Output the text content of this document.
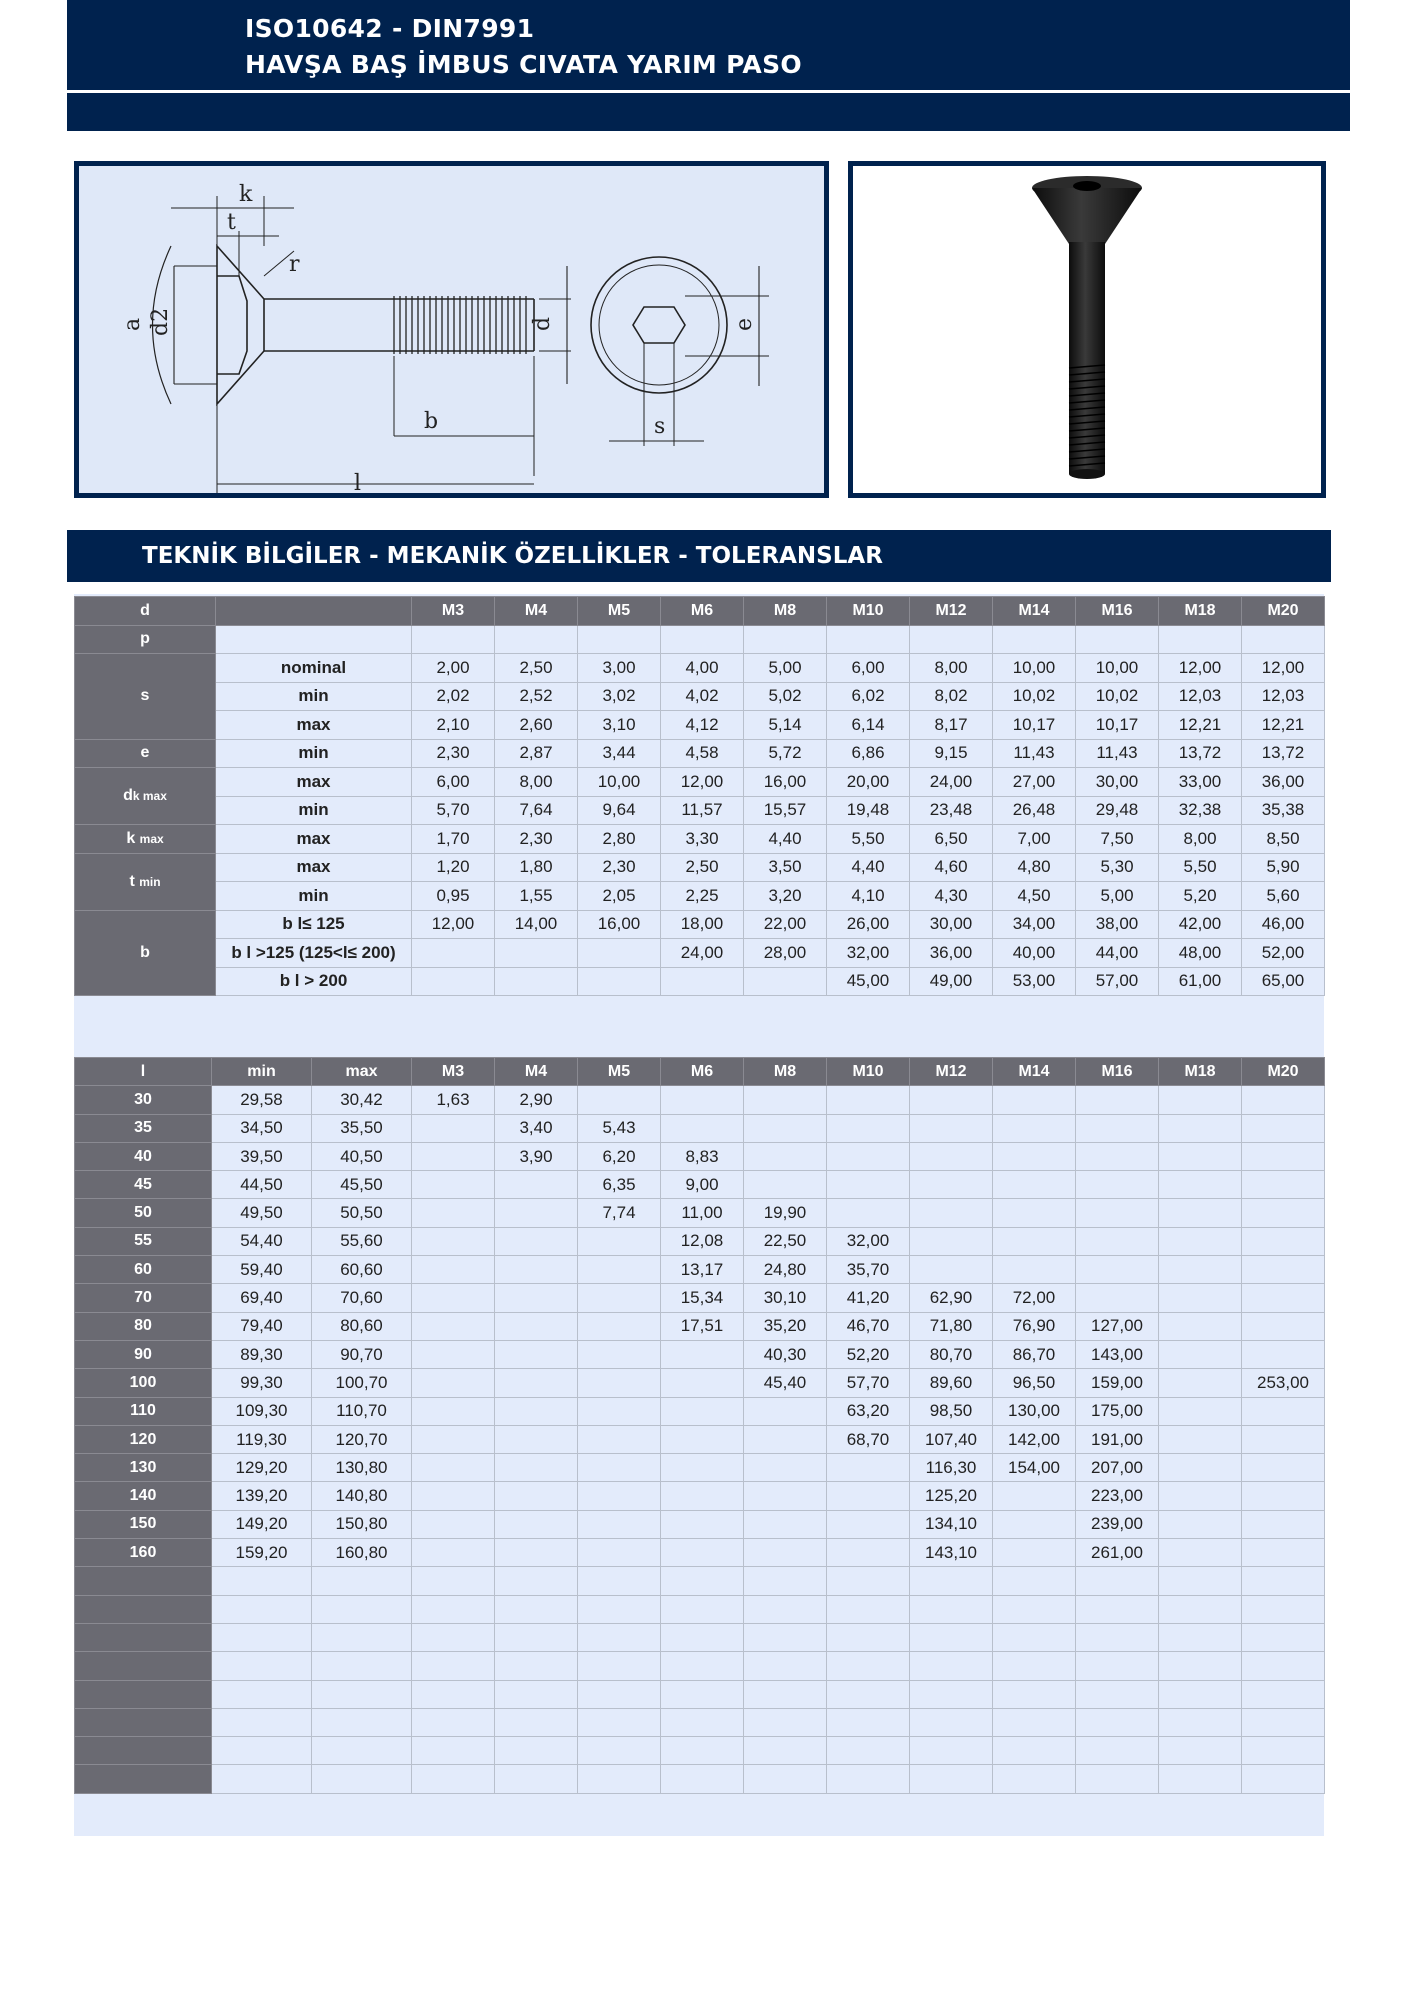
ISO10642 - DIN7991
HAVŞA BAŞ İMBUS CIVATA YARIM PASO
k
t
r
a d2	d	e
b	s
l
TEKNİK BİLGİLER - MEKANİK ÖZELLİKLER - TOLERANSLAR
d		M3	M4	M5	M6	M8	M10	M12	M14	M16	M18	M20
p												
s	nominal	2,00	2,50	3,00	4,00	5,00	6,00	8,00	10,00	10,00	12,00	12,00
	min	2,02	2,52	3,02	4,02	5,02	6,02	8,02	10,02	10,02	12,03	12,03
	max	2,10	2,60	3,10	4,12	5,14	6,14	8,17	10,17	10,17	12,21	12,21
e	min	2,30	2,87	3,44	4,58	5,72	6,86	9,15	11,43	11,43	13,72	13,72
dk max	max	6,00	8,00	10,00	12,00	16,00	20,00	24,00	27,00	30,00	33,00	36,00
	min	5,70	7,64	9,64	11,57	15,57	19,48	23,48	26,48	29,48	32,38	35,38
k max	max	1,70	2,30	2,80	3,30	4,40	5,50	6,50	7,00	7,50	8,00	8,50
t min	max	1,20	1,80	2,30	2,50	3,50	4,40	4,60	4,80	5,30	5,50	5,90
	min	0,95	1,55	2,05	2,25	3,20	4,10	4,30	4,50	5,00	5,20	5,60
b	b l≤ 125	12,00	14,00	16,00	18,00	22,00	26,00	30,00	34,00	38,00	42,00	46,00
	b l >125 (125<l≤ 200)				24,00	28,00	32,00	36,00	40,00	44,00	48,00	52,00
	b l > 200						45,00	49,00	53,00	57,00	61,00	65,00
l	min	max	M3	M4	M5	M6	M8	M10	M12	M14	M16	M18	M20
30	29,58	30,42	1,63	2,90									
35	34,50	35,50		3,40	5,43								
40	39,50	40,50		3,90	6,20	8,83							
45	44,50	45,50			6,35	9,00							
50	49,50	50,50			7,74	11,00	19,90						
55	54,40	55,60				12,08	22,50	32,00					
60	59,40	60,60				13,17	24,80	35,70					
70	69,40	70,60				15,34	30,10	41,20	62,90	72,00			
80	79,40	80,60				17,51	35,20	46,70	71,80	76,90	127,00		
90	89,30	90,70					40,30	52,20	80,70	86,70	143,00		
100	99,30	100,70					45,40	57,70	89,60	96,50	159,00		253,00
110	109,30	110,70						63,20	98,50	130,00	175,00		
120	119,30	120,70						68,70	107,40	142,00	191,00		
130	129,20	130,80							116,30	154,00	207,00		
140	139,20	140,80							125,20		223,00		
150	149,20	150,80							134,10		239,00		
160	159,20	160,80							143,10		261,00		
